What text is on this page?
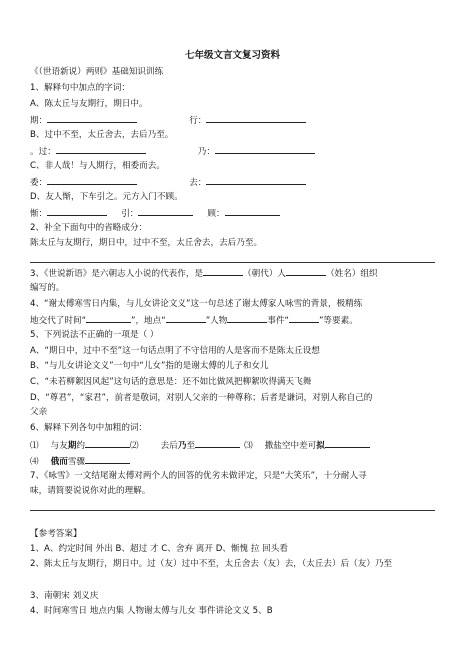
七年级文言文复习资料
《（世语新说）两则》基础知识训练
1、解释句中加点的字词：
A、陈太丘与友期行，期日中。
期：	行：
B、过中不至，太丘舍去，去后乃至。
。过：	乃：
C、非人哉！与人期行，相委而去。
委：	去：
D、友人惭，下车引之。元方入门不顾。
惭：	引：	顾：
2、补全下面句中的省略成分：
陈太丘与友期行，期日中，过中不至，太丘舍去，去后乃至。
3、《世说新语》是六朝志人小说的代表作，是	（朝代）人	（姓名）组织
编写的。
4、“谢太傅寒雪日内集，与儿女讲论文义”这一句总述了谢太傅家人咏雪的背景，极精练
地交代了时间“	”，地点“	”人物	事件“	”等要素。
5、下列说法不正确的一项是（ ）
A、“期日中，过中不至”这一句话点明了不守信用的人是客而不是陈太丘设想
B、“与儿女讲论文义”一句中“儿女”指的是谢太傅的儿子和女儿
C、“未若柳絮因风起”这句话的意思是：还不如比做风把柳絮吹得满天飞舞
D、“尊君”，“家君”，前者是敬词，对别人父亲的一种尊称；后者是谦词，对别人称自己的
父亲
6、解释下列各句中加粗的词：
⑴ 与友期约	⑵	去后乃至	⑶ 撒盐空中差可拟
⑷ 俄而雪骤
7、《咏雪》一文结尾谢太傅对两个人的回答的优劣未做评定，只是“大笑乐”，十分耐人寻
味，请简要说说你对此的理解。
【参考答案】
1、A、约定时间 外出 B、超过 才 C、舍弃 离开 D、惭愧 拉 回头看
2、陈太丘与友期行，期日中。过（友）过中不至，太丘舍去（友）去，（太丘去）后（友）乃至
3、南朝宋 刘义庆
4、时间寒雪日 地点内集 人物谢太傅与儿女 事件讲论文义 5、B
